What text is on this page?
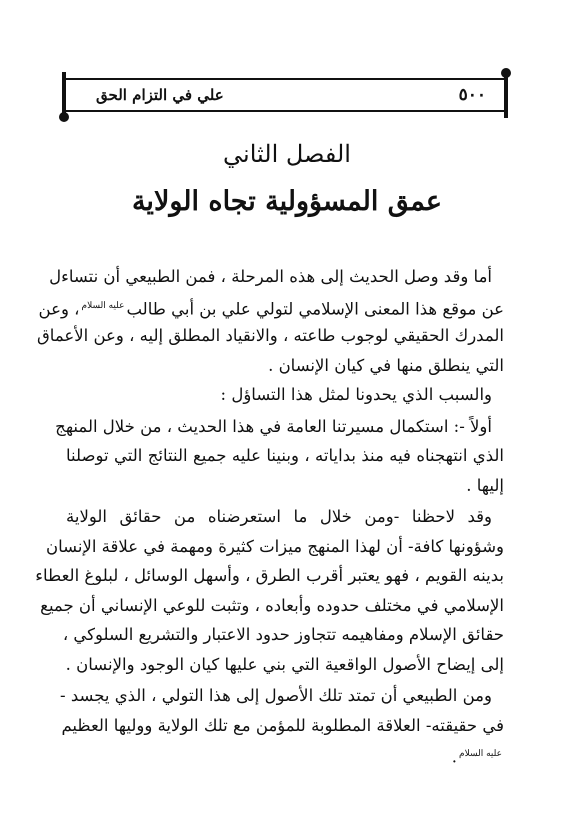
٥٠٠
علي في التزام الحق
الفصل الثاني
عمق المسؤولية تجاه الولاية
أما وقد وصل الحديث إلى هذه المرحلة ، فمن الطبيعي أن نتساءل
عن موقع هذا المعنى الإسلامي لتولي علي بن أبي طالبعليه السلام، وعن
المدرك الحقيقي لوجوب طاعته ، والانقياد المطلق إليه ، وعن الأعماق
التي ينطلق منها في كيان الإنسان .
والسبب الذي يحدونا لمثل هذا التساؤل :
أولاً -: استكمال مسيرتنا العامة في هذا الحديث ، من خلال المنهج
الذي انتهجناه فيه منذ بداياته ، وبنينا عليه جميع النتائج التي توصلنا
إليها .
وقد لاحظنا -ومن خلال ما استعرضناه من حقائق الولاية
وشؤونها كافة- أن لهذا المنهج ميزات كثيرة ومهمة في علاقة الإنسان
بدينه القويم ، فهو يعتبر أقرب الطرق ، وأسهل الوسائل ، لبلوغ العطاء
الإسلامي في مختلف حدوده وأبعاده ، وتثبت للوعي الإنساني أن جميع
حقائق الإسلام ومفاهيمه تتجاوز حدود الاعتبار والتشريع السلوكي ،
إلى إيضاح الأصول الواقعية التي بني عليها كيان الوجود والإنسان .
ومن الطبيعي أن تمتد تلك الأصول إلى هذا التولي ، الذي يجسد -
في حقيقته- العلاقة المطلوبة للمؤمن مع تلك الولاية ووليها العظيم
عليه السلام.
